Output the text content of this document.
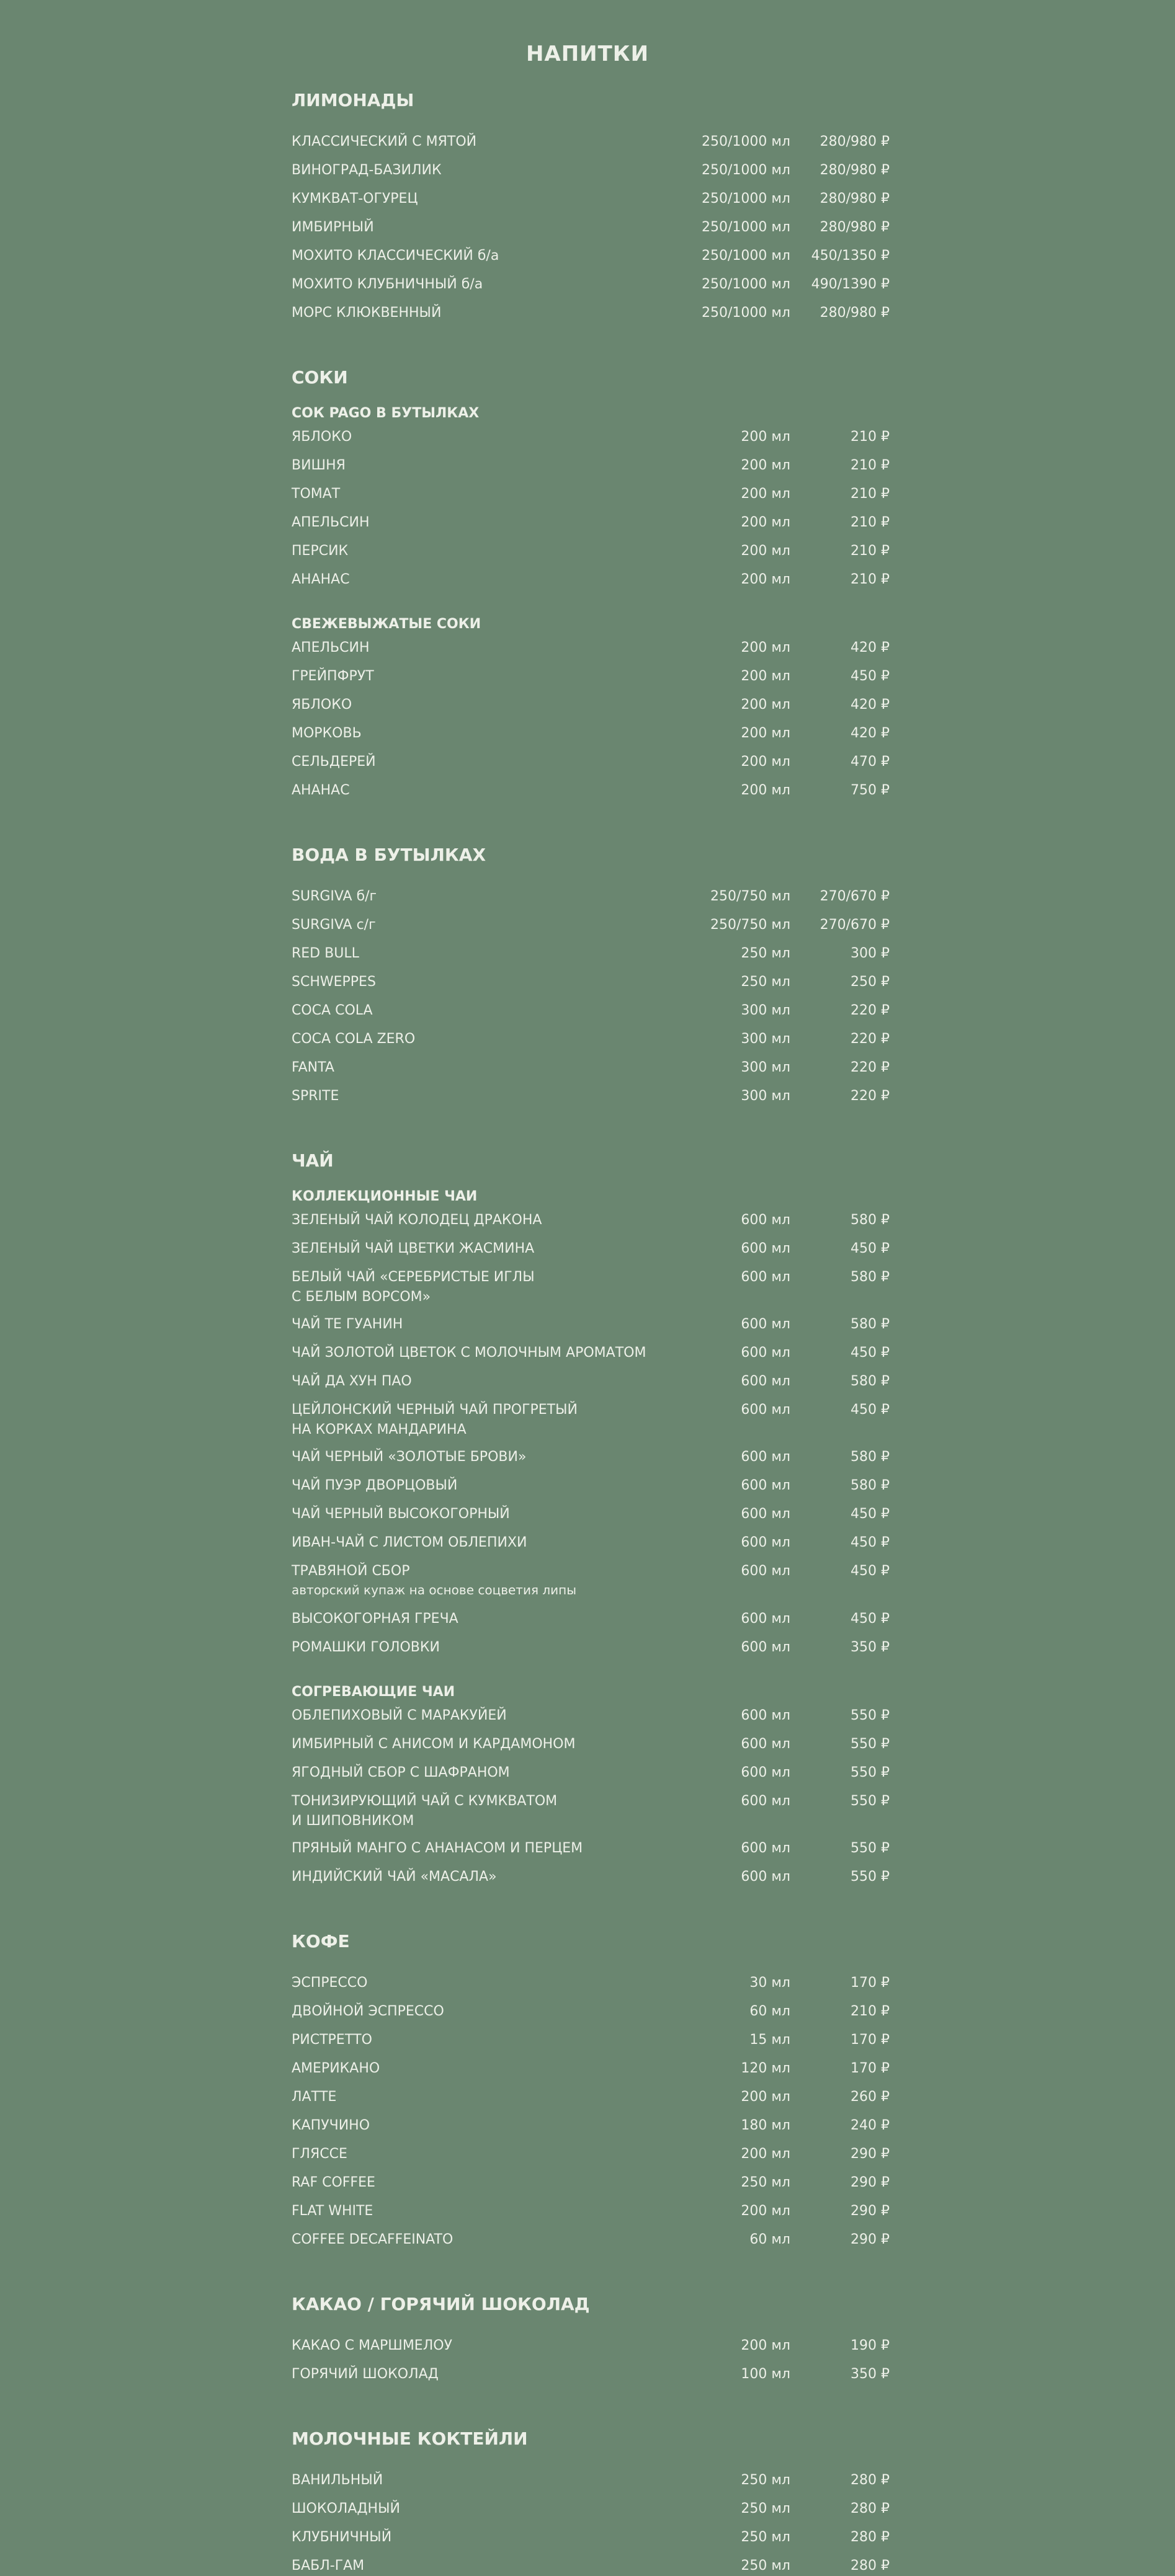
НАПИТКИ
ЛИМОНАДЫ
КЛАССИЧЕСКИЙ С МЯТОЙ	250/1000 мл 280/980 ₽
ВИНОГРАД-БАЗИЛИК	250/1000 мл 280/980 ₽
КУМКВАТ-ОГУРЕЦ	250/1000 мл 280/980 ₽
ИМБИРНЫЙ	250/1000 мл 280/980 ₽
МОХИТО КЛАССИЧЕСКИЙ б/а	250/1000 мл 450/1350 ₽
МОХИТО КЛУБНИЧНЫЙ б/а	250/1000 мл 490/1390 ₽
МОРС КЛЮКВЕННЫЙ	250/1000 мл 280/980 ₽
СОКИ
СОК PAGO В БУТЫЛКАХ
ЯБЛОКО	200 мл	210 ₽
ВИШНЯ	200 мл	210 ₽
ТОМАТ	200 мл	210 ₽
АПЕЛЬСИН	200 мл	210 ₽
ПЕРСИК	200 мл	210 ₽
АНАНАС	200 мл	210 ₽
СВЕЖЕВЫЖАТЫЕ СОКИ
АПЕЛЬСИН	200 мл	420 ₽
ГРЕЙПФРУТ	200 мл	450 ₽
ЯБЛОКО	200 мл	420 ₽
МОРКОВЬ	200 мл	420 ₽
СЕЛЬДЕРЕЙ	200 мл	470 ₽
АНАНАС	200 мл	750 ₽
ВОДА В БУТЫЛКАХ
SURGIVA б/г	250/750 мл 270/670 ₽
SURGIVA с/г	250/750 мл 270/670 ₽
RED BULL	250 мл	300 ₽
SCHWEPPES	250 мл	250 ₽
COCA COLA	300 мл	220 ₽
COCA COLA ZERO	300 мл	220 ₽
FANTA	300 мл	220 ₽
SPRITE	300 мл	220 ₽
ЧАЙ
КОЛЛЕКЦИОННЫЕ ЧАИ
ЗЕЛЕНЫЙ ЧАЙ КОЛОДЕЦ ДРАКОНА	600 мл	580 ₽
ЗЕЛЕНЫЙ ЧАЙ ЦВЕТКИ ЖАСМИНА	600 мл	450 ₽
БЕЛЫЙ ЧАЙ «СЕРЕБРИСТЫЕ ИГЛЫ
С БЕЛЫМ ВОРСОМ»
600 мл	580 ₽
ЧАЙ ТЕ ГУАНИН	600 мл	580 ₽
ЧАЙ ЗОЛОТОЙ ЦВЕТОК С МОЛОЧНЫМ АРОМАТОМ	600 мл	450 ₽
ЧАЙ ДА ХУН ПАО	600 мл	580 ₽
ЦЕЙЛОНСКИЙ ЧЕРНЫЙ ЧАЙ ПРОГРЕТЫЙ
НА КОРКАХ МАНДАРИНА
600 мл	450 ₽
ЧАЙ ЧЕРНЫЙ «ЗОЛОТЫЕ БРОВИ»	600 мл	580 ₽
ЧАЙ ПУЭР ДВОРЦОВЫЙ	600 мл	580 ₽
ЧАЙ ЧЕРНЫЙ ВЫСОКОГОРНЫЙ	600 мл	450 ₽
ИВАН-ЧАЙ С ЛИСТОМ ОБЛЕПИХИ	600 мл	450 ₽
ТРАВЯНОЙ СБОР
авторский купаж на основе соцветия липы
600 мл	450 ₽
ВЫСОКОГОРНАЯ ГРЕЧА	600 мл	450 ₽
РОМАШКИ ГОЛОВКИ	600 мл	350 ₽
СОГРЕВАЮЩИЕ ЧАИ
ОБЛЕПИХОВЫЙ С МАРАКУЙЕЙ	600 мл	550 ₽
ИМБИРНЫЙ С АНИСОМ И КАРДАМОНОМ	600 мл	550 ₽
ЯГОДНЫЙ СБОР С ШАФРАНОМ	600 мл	550 ₽
ТОНИЗИРУЮЩИЙ ЧАЙ С КУМКВАТОМ
И ШИПОВНИКОМ
600 мл	550 ₽
ПРЯНЫЙ МАНГО С АНАНАСОМ И ПЕРЦЕМ	600 мл	550 ₽
ИНДИЙСКИЙ ЧАЙ «МАСАЛА»	600 мл	550 ₽
КОФЕ
ЭСПРЕССО	30 мл	170 ₽
ДВОЙНОЙ ЭСПРЕССО	60 мл	210 ₽
РИСТРЕТТО	15 мл	170 ₽
АМЕРИКАНО	120 мл	170 ₽
ЛАТТЕ	200 мл	260 ₽
КАПУЧИНО	180 мл	240 ₽
ГЛЯССЕ	200 мл	290 ₽
RAF COFFEE	250 мл	290 ₽
FLAT WHITE	200 мл	290 ₽
COFFEE DECAFFEINATO	60 мл	290 ₽
КАКАО / ГОРЯЧИЙ ШОКОЛАД
КАКАО С МАРШМЕЛОУ	200 мл	190 ₽
ГОРЯЧИЙ ШОКОЛАД	100 мл	350 ₽
МОЛОЧНЫЕ КОКТЕЙЛИ
ВАНИЛЬНЫЙ	250 мл	280 ₽
ШОКОЛАДНЫЙ	250 мл	280 ₽
КЛУБНИЧНЫЙ	250 мл	280 ₽
БАБЛ-ГАМ	250 мл	280 ₽
